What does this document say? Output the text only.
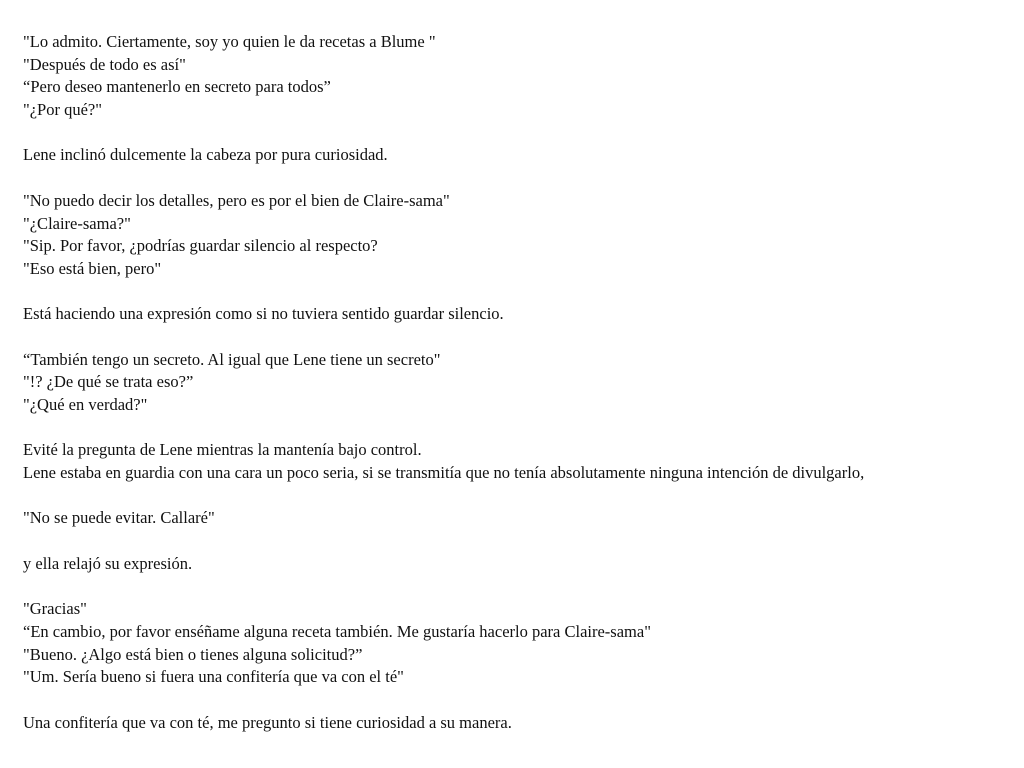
"Lo admito. Ciertamente, soy yo quien le da recetas a Blume "
"Después de todo es así"
“Pero deseo mantenerlo en secreto para todos”
"¿Por qué?"
Lene inclinó dulcemente la cabeza por pura curiosidad.
"No puedo decir los detalles, pero es por el bien de Claire-sama"
"¿Claire-sama?"
"Sip. Por favor, ¿podrías guardar silencio al respecto?
"Eso está bien, pero"
Está haciendo una expresión como si no tuviera sentido guardar silencio.
“También tengo un secreto. Al igual que Lene tiene un secreto"
"!? ¿De qué se trata eso?”
"¿Qué en verdad?"
Evité la pregunta de Lene mientras la mantenía bajo control.
Lene estaba en guardia con una cara un poco seria, si se transmitía que no tenía absolutamente ninguna intención de divulgarlo,
"No se puede evitar. Callaré"
y ella relajó su expresión.
"Gracias"
“En cambio, por favor enséñame alguna receta también. Me gustaría hacerlo para Claire-sama"
"Bueno. ¿Algo está bien o tienes alguna solicitud?”
"Um. Sería bueno si fuera una confitería que va con el té"
Una confitería que va con té, me pregunto si tiene curiosidad a su manera.
